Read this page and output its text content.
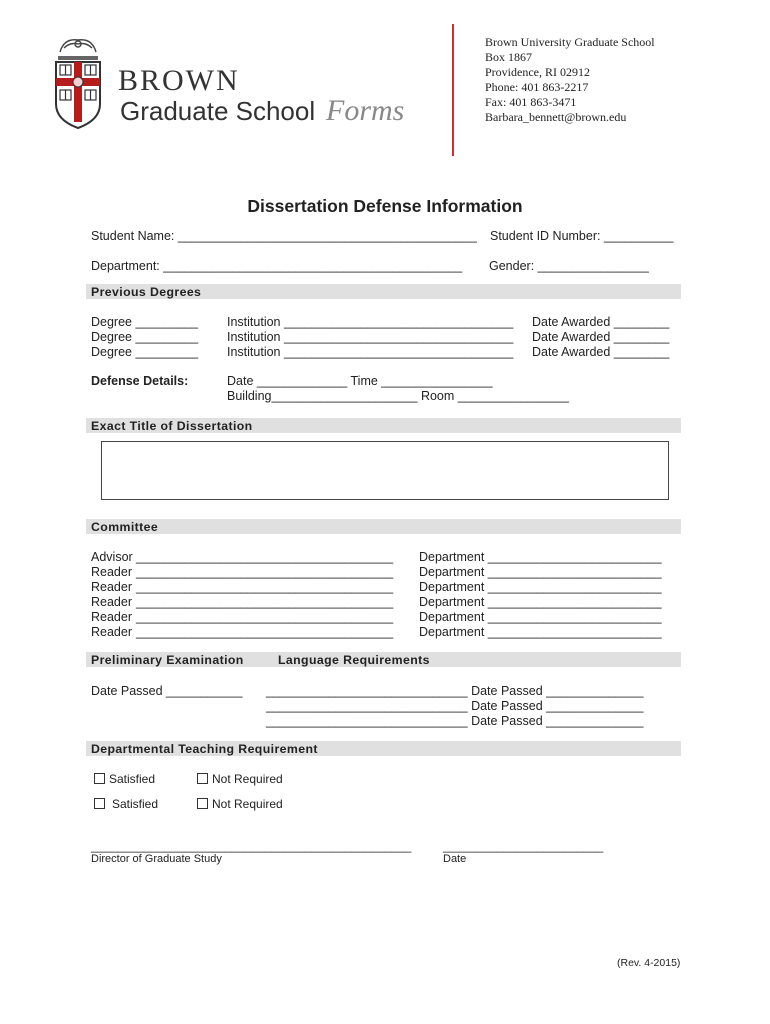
BROWN

Graduate School

Forms

Brown University Graduate School
Box 1867
Providence, RI 02912
Phone: 401 863-2217
Fax: 401 863-3471
Barbara_bennett@brown.edu
Dissertation Defense Information
Student Name: ___________________________________________ Student ID Number: __________
Department: ___________________________________________ Gender: ________________
Previous Degrees
Degree _________ Institution _________________________________ Date Awarded ________
Degree _________ Institution _________________________________ Date Awarded ________
Degree _________ Institution _________________________________ Date Awarded ________
Defense Details:	Date _____________ Time ________________
Building_____________________ Room ________________
Exact Title of Dissertation
Committee
Advisor _____________________________________ Department _________________________
Reader _____________________________________ Department _________________________
Reader _____________________________________ Department _________________________
Reader _____________________________________ Department _________________________
Reader _____________________________________ Department _________________________
Reader _____________________________________ Department _________________________
Preliminary Examination	Language Requirements
Date Passed ___________ _____________________________ Date Passed ______________
_____________________________ Date Passed ______________
_____________________________ Date Passed ______________
Departmental Teaching Requirement
Satisfied	Not Required
Satisfied	Not Required
________________________________________________	________________________
Director of Graduate Study	Date
(Rev. 4-2015)
